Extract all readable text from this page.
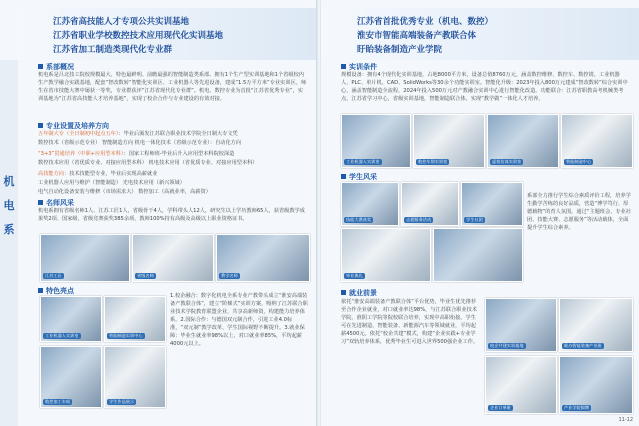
机 电 系
江苏省高技能人才专项公共实训基地
江苏省职业学校数控技术应用现代化实训基地
江苏省加工制造类现代化专业群
系部概况
机电系是吕北技工院校规模最大、特色最鲜明、前瞻最强的智能制造类系部。拥有1个生产型实训基地和1个省级校内生产教学融合实践基地，配套“智改数转”智能化实训区、工业机器人等先进设备，建成“1.5万平方米”专业实训区。师生在省市技能大赛中屡获一等奖，专业群获评“江苏省现代化专业群”。机电、数控专业为首批“江苏省优秀专业”，实训基地为“江苏省高技能人才培养基地”，实现了校企合作与专业建设的有效对接。
专业设置及培养方向
五年制大专（全日制初中起点五年）：毕业后颁发江苏联合职业技术学院全日制大专文凭
数控技术（省级示范专业） 智能制造方向 机电一体化技术（省级示范专业）：自动化方向
“3+3”贯通培养（中职+应用型本科）：国家工程师班-毕业后升入应用型本科院校深造
数控技术应用（省优质专业、对接应用型本科） 机电技术应用（省优质专业、对接应用型本科）
高技能方向：技术技能型专业，毕业后实现高薪就业
工业机器人应用与维护（智能制造） 光电技术应用（新兴领域）
电气自动化设备安装与维修（市场需求大） 数控加工（高就业率，高薪资）
名师风采
机电系拥有省级名师1人、江苏工匠1人，省级骨干4人，学科带头人12人，研究生以上学历教师65人，获省级教学成果奖2项、国家级、省级竞赛获奖385余项，教师100%持有高级及高级以上职业资格证书。
江苏工匠	省级名师	教学名师
特色亮点
工业机器人实训室	智能制造实训中心
数控加工车间	学生作品展示
1.校企融合：数字化机电全系专业产教带头成立“淮安高端装备产教联合体”，建立“阶梯式”实训方案，吸纳了江苏联合职业技术学院教育联盟企业，共享高新师资，构建能力培养体系。2.国际合作：与德国双元制合作，引进工业4.0标准，“双元制”教学改革，学生国际视野不断提升。3.就业保障：毕业生就业率98%以上，对口就业率85%，平均起薪4000元以上。
江苏省首批优秀专业（机电、数控）
淮安市智能高端装备产教联合体
盱眙装备制造产业学院
实训条件
规模设备：拥有4个现代化实训基地，占地8000平方米，设备总值8760万元，涵盖数控维修、数控车、数控铣、工业机器人、PLC、单片机、CAD、SolidWorks等30余个功能实训室。智能化升级：2023年投入800万元建成“智改数转”综合实训中心，涵盖智能制造全流程，2024年投入500万元对产教融合实训中心进行智能化改造。功能联合：江苏省职教高考机械类考点，江苏省学习中心，省级实训基地，智能制造联合体，实现“教学做”一体化人才培养。
工业机器人实训室	数控车削实训室	虚拟仿真实训室	智能制造中心
学生风采
技能大赛获奖	志愿服务活动	学生社团
毕业典礼
系部全力推行学生综合素质评价工程，培养学生勤学苦练的良好品质，营造“博学笃行、厚德载物”的育人氛围。通过“主题班会、专业社团、技能大赛、志愿服务”等活动载体，全面提升学生综合素养。
就业前景
依托“淮安高端装备产教联合体”平台优势，毕业生优先推荐至合作企业就业，对口就业率达98%，与江苏联合职业技术学院、淮阴工学院等院校联合培养，实现中高职衔接。学生可在先进制造、智能装备、新能源汽车等领域就业，平均起薪4500元。依托“校企共建”模式，构建“企业实践+专业学习”双轨培养体系，优秀毕业生可进入世界500强企业工作。
校企共建实训基地	联办智能装备产业班
企业订单班	产业学院揭牌
11-12
